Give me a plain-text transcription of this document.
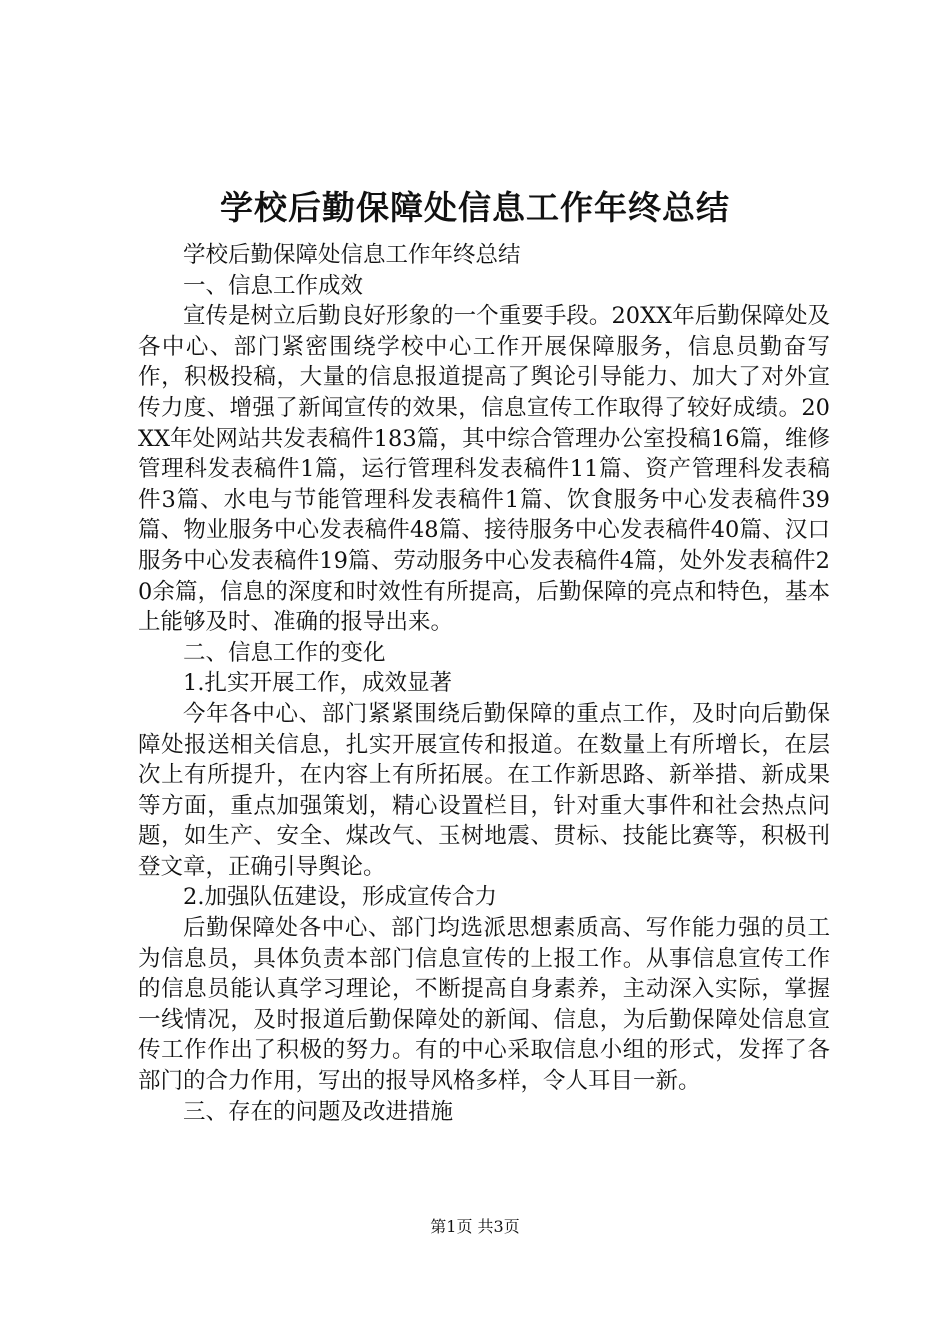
学校后勤保障处信息工作年终总结

学校后勤保障处信息工作年终总结

一、信息工作成效

宣传是树立后勤良好形象的一个重要手段。20XX年后勤保障处及各中心、部门紧密围绕学校中心工作开展保障服务，信息员勤奋写作，积极投稿，大量的信息报道提高了舆论引导能力、加大了对外宣传力度、增强了新闻宣传的效果，信息宣传工作取得了较好成绩。20XX年处网站共发表稿件183篇，其中综合管理办公室投稿16篇，维修管理科发表稿件1篇，运行管理科发表稿件11篇、资产管理科发表稿件3篇、水电与节能管理科发表稿件1篇、饮食服务中心发表稿件39篇、物业服务中心发表稿件48篇、接待服务中心发表稿件40篇、汉口服务中心发表稿件19篇、劳动服务中心发表稿件4篇，处外发表稿件20余篇，信息的深度和时效性有所提高，后勤保障的亮点和特色，基本上能够及时、准确的报导出来。

二、信息工作的变化

1.扎实开展工作，成效显著

今年各中心、部门紧紧围绕后勤保障的重点工作，及时向后勤保障处报送相关信息，扎实开展宣传和报道。在数量上有所增长，在层次上有所提升，在内容上有所拓展。在工作新思路、新举措、新成果等方面，重点加强策划，精心设置栏目，针对重大事件和社会热点问题，如生产、安全、煤改气、玉树地震、贯标、技能比赛等，积极刊登文章，正确引导舆论。

2.加强队伍建设，形成宣传合力

后勤保障处各中心、部门均选派思想素质高、写作能力强的员工为信息员，具体负责本部门信息宣传的上报工作。从事信息宣传工作的信息员能认真学习理论，不断提高自身素养，主动深入实际，掌握一线情况，及时报道后勤保障处的新闻、信息，为后勤保障处信息宣传工作作出了积极的努力。有的中心采取信息小组的形式，发挥了各部门的合力作用，写出的报导风格多样，令人耳目一新。

三、存在的问题及改进措施

第1页 共3页
